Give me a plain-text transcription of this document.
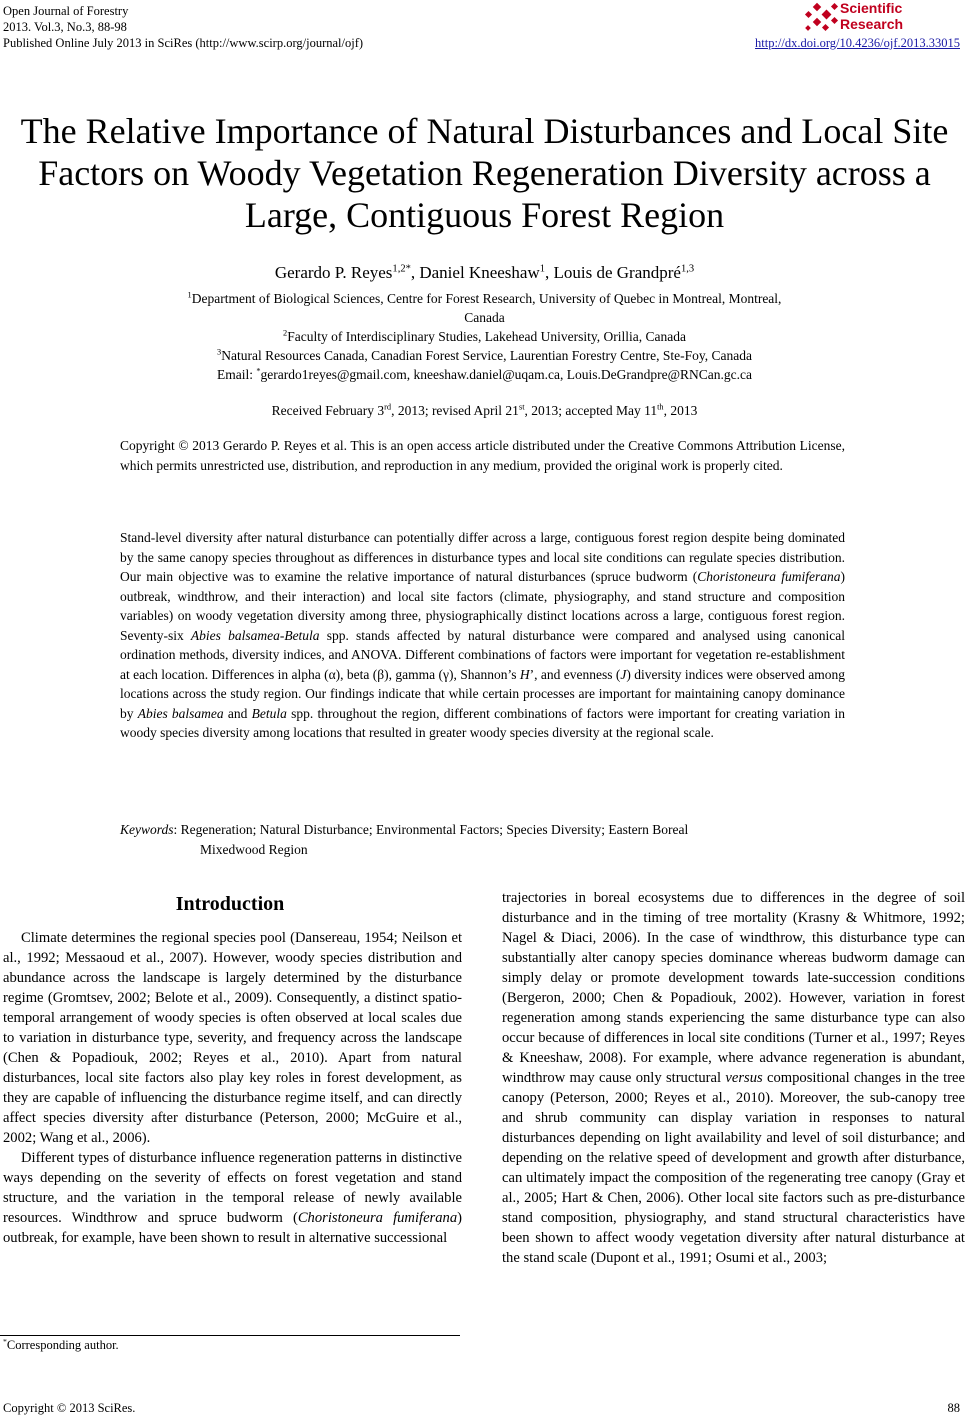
Open Journal of Forestry
2013. Vol.3, No.3, 88-98
Published Online July 2013 in SciRes (http://www.scirp.org/journal/ojf)	http://dx.doi.org/10.4236/ojf.2013.33015
Scientific
Research
The Relative Importance of Natural Disturbances and Local Site Factors on Woody Vegetation Regeneration Diversity across a Large, Contiguous Forest Region
Gerardo P. Reyes$^{1,2*}$, Daniel Kneeshaw$^1$, Louis de Grandpré$^{1,3}$
$^1$Department of Biological Sciences, Centre for Forest Research, University of Quebec in Montreal, Montreal,
Canada
$^2$Faculty of Interdisciplinary Studies, Lakehead University, Orillia, Canada
$^3$Natural Resources Canada, Canadian Forest Service, Laurentian Forestry Centre, Ste-Foy, Canada
Email: *gerardo1reyes@gmail.com, kneeshaw.daniel@uqam.ca, Louis.DeGrandpre@RNCan.gc.ca
Received February 3rd, 2013; revised April 21st, 2013; accepted May 11th, 2013
Copyright © 2013 Gerardo P. Reyes et al. This is an open access article distributed under the Creative Commons Attribution License, which permits unrestricted use, distribution, and reproduction in any medium, provided the original work is properly cited.
Stand-level diversity after natural disturbance can potentially differ across a large, contiguous forest region despite being dominated by the same canopy species throughout as differences in disturbance types and local site conditions can regulate species distribution. Our main objective was to examine the relative importance of natural disturbances (spruce budworm (Choristoneura fumiferana) outbreak, windthrow, and their interaction) and local site factors (climate, physiography, and stand structure and composition variables) on woody vegetation diversity among three, physiographically distinct locations across a large, contiguous forest region. Seventy-six Abies balsamea-Betula spp. stands affected by natural disturbance were compared and analysed using canonical ordination methods, diversity indices, and ANOVA. Different combinations of factors were important for vegetation re-establishment at each location. Differences in alpha (α), beta (β), gamma (γ), Shannon’s H’, and evenness (J) diversity indices were observed among locations across the study region. Our findings indicate that while certain processes are important for maintaining canopy dominance by Abies balsamea and Betula spp. throughout the region, different combinations of factors were important for creating variation in woody species diversity among locations that resulted in greater woody species diversity at the regional scale.
Keywords: Regeneration; Natural Disturbance; Environmental Factors; Species Diversity; Eastern Boreal
Mixedwood Region
Introduction

Climate determines the regional species pool (Dansereau, 1954; Neilson et al., 1992; Messaoud et al., 2007). However, woody species distribution and abundance across the landscape is largely determined by the disturbance regime (Gromtsev, 2002; Belote et al., 2009). Consequently, a distinct spatio-temporal arrangement of woody species is often observed at local scales due to variation in disturbance type, severity, and frequency across the landscape (Chen & Popadiouk, 2002; Reyes et al., 2010). Apart from natural disturbances, local site factors also play key roles in forest development, as they are capable of influencing the disturbance regime itself, and can directly affect species diversity after disturbance (Peterson, 2000; McGuire et al., 2002; Wang et al., 2006).

Different types of disturbance influence regeneration patterns in distinctive ways depending on the severity of effects on forest vegetation and stand structure, and the variation in the temporal release of newly available resources. Windthrow and spruce budworm (Choristoneura fumiferana) outbreak, for example, have been shown to result in alternative successional

trajectories in boreal ecosystems due to differences in the degree of soil disturbance and in the timing of tree mortality (Krasny & Whitmore, 1992; Nagel & Diaci, 2006). In the case of windthrow, this disturbance type can substantially alter canopy species dominance whereas budworm damage can simply delay or promote development towards late-succession conditions (Bergeron, 2000; Chen & Popadiouk, 2002). However, variation in forest regeneration among stands experiencing the same disturbance type can also occur because of differences in local site conditions (Turner et al., 1997; Reyes & Kneeshaw, 2008). For example, where advance regeneration is abundant, windthrow may cause only structural versus compositional changes in the tree canopy (Peterson, 2000; Reyes et al., 2010). Moreover, the sub-canopy tree and shrub community can display variation in responses to natural disturbances depending on light availability and level of soil disturbance; and depending on the relative speed of development and growth after disturbance, can ultimately impact the composition of the regenerating tree canopy (Gray et al., 2005; Hart & Chen, 2006). Other local site factors such as pre-disturbance stand composition, physiography, and stand structural characteristics have been shown to affect woody vegetation diversity after natural disturbance at the stand scale (Dupont et al., 1991; Osumi et al., 2003;

*Corresponding author.
Copyright © 2013 SciRes.	88
